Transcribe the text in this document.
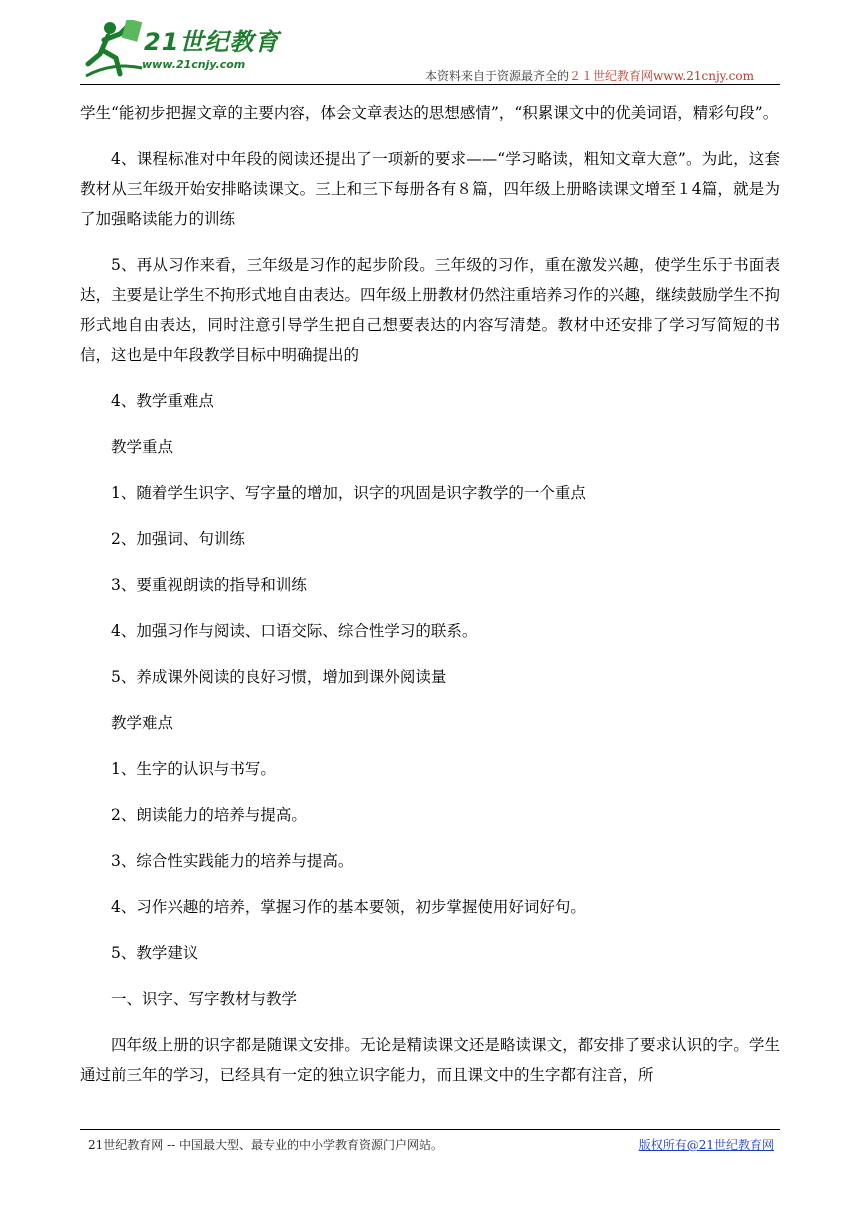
21世纪教育
www.21cnjy.com
本资料来自于资源最齐全的２１世纪教育网www.21cnjy.com

学生“能初步把握文章的主要内容，体会文章表达的思想感情”，“积累课文中的优美词语，精彩句段”。

4、课程标准对中年段的阅读还提出了一项新的要求——“学习略读，粗知文章大意”。为此，这套教材从三年级开始安排略读课文。三上和三下每册各有８篇，四年级上册略读课文增至１4篇，就是为了加强略读能力的训练

5、再从习作来看，三年级是习作的起步阶段。三年级的习作，重在激发兴趣，使学生乐于书面表达，主要是让学生不拘形式地自由表达。四年级上册教材仍然注重培养习作的兴趣，继续鼓励学生不拘形式地自由表达，同时注意引导学生把自己想要表达的内容写清楚。教材中还安排了学习写简短的书信，这也是中年段教学目标中明确提出的

4、教学重难点

教学重点

1、随着学生识字、写字量的增加，识字的巩固是识字教学的一个重点

2、加强词、句训练

3、要重视朗读的指导和训练

4、加强习作与阅读、口语交际、综合性学习的联系。

5、养成课外阅读的良好习惯，增加到课外阅读量

教学难点

1、生字的认识与书写。

2、朗读能力的培养与提高。

3、综合性实践能力的培养与提高。

4、习作兴趣的培养，掌握习作的基本要领，初步掌握使用好词好句。

5、教学建议

一、识字、写字教材与教学

四年级上册的识字都是随课文安排。无论是精读课文还是略读课文，都安排了要求认识的字。学生通过前三年的学习，已经具有一定的独立识字能力，而且课文中的生字都有注音，所

21世纪教育网 -- 中国最大型、最专业的中小学教育资源门户网站。	版权所有@21世纪教育网
